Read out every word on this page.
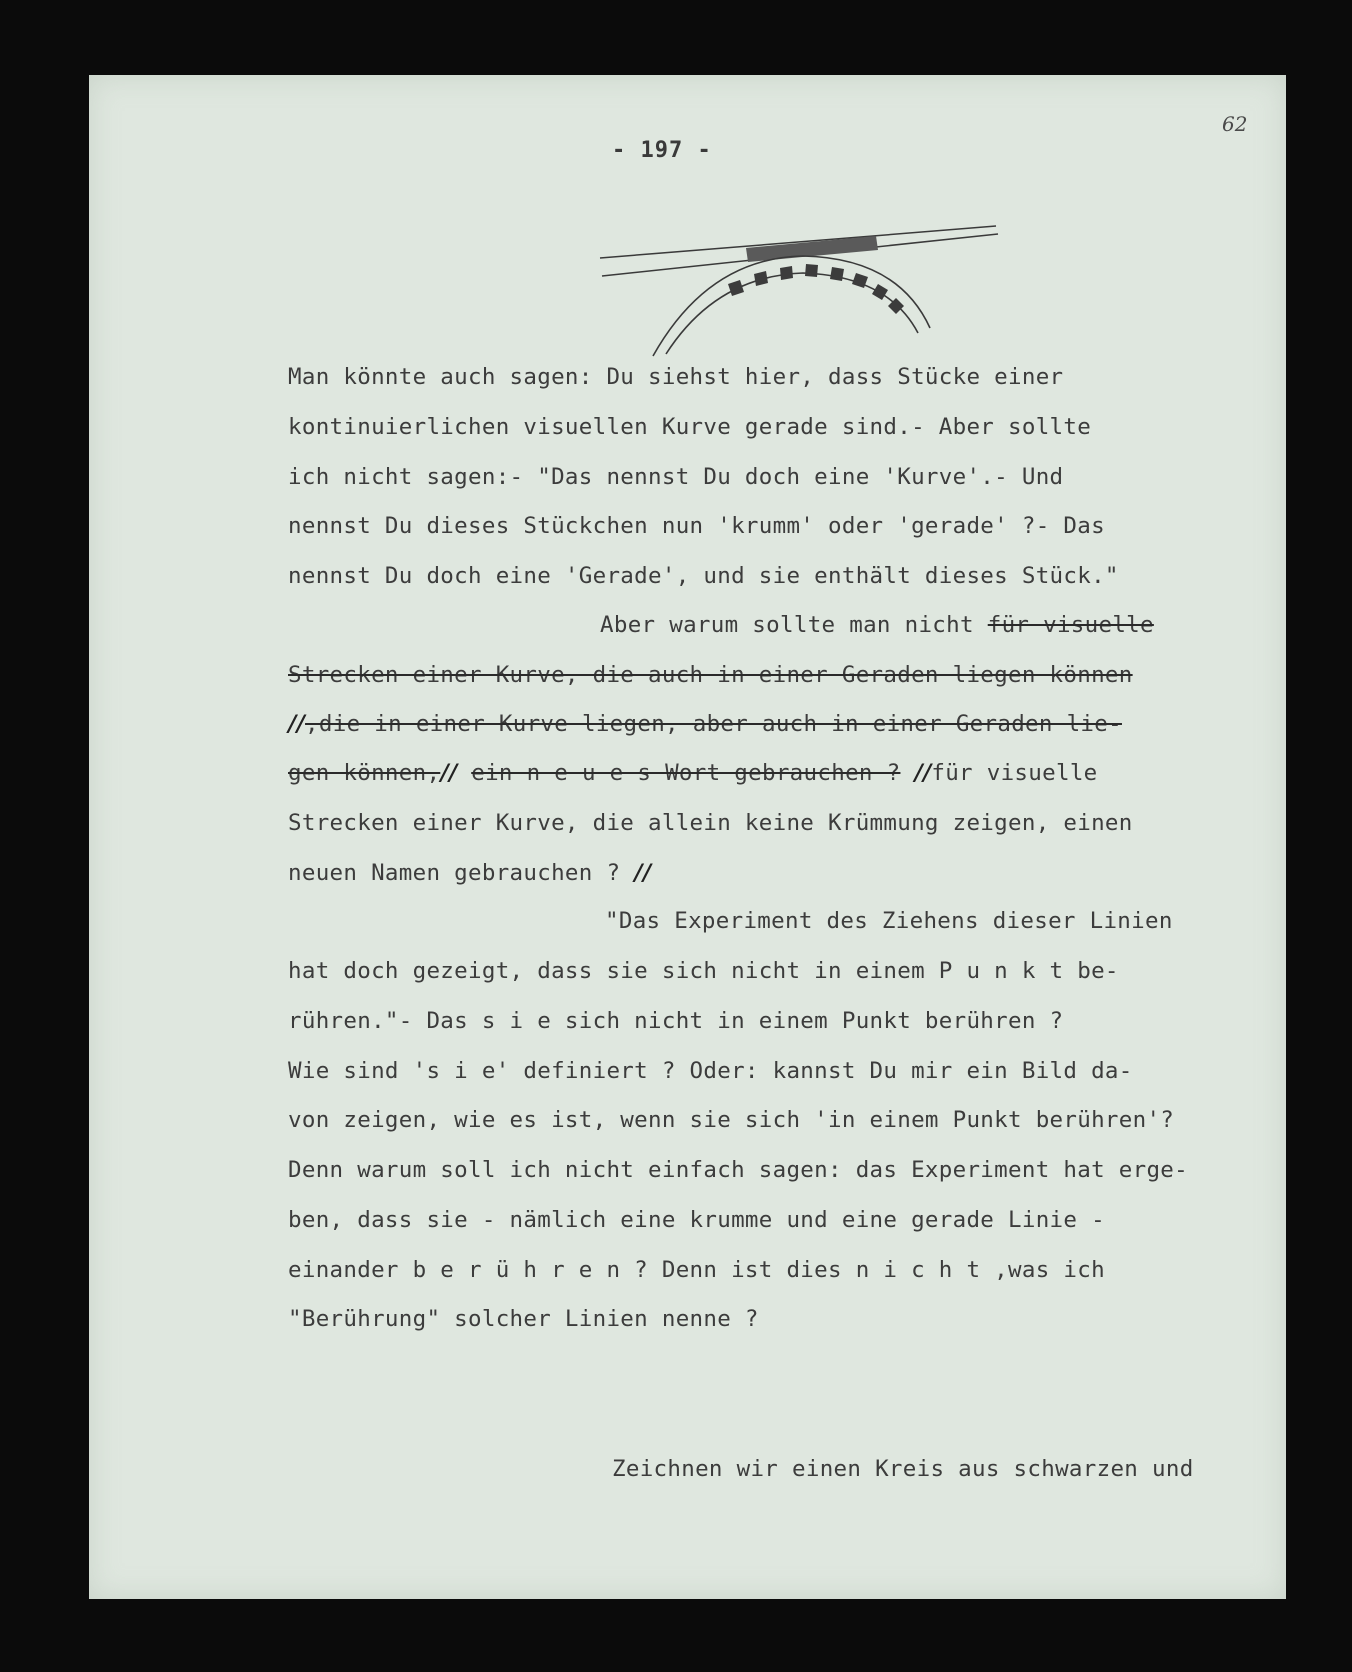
62
- 197 -
Man könnte auch sagen: Du siehst hier, dass Stücke einer
kontinuierlichen visuellen Kurve gerade sind.- Aber sollte
ich nicht sagen:- "Das nennst Du doch eine 'Kurve'.- Und
nennst Du dieses Stückchen nun 'krumm' oder 'gerade' ?- Das
nennst Du doch eine 'Gerade', und sie enthält dieses Stück."
Aber warum sollte man nicht für visuelle
Strecken einer Kurve, die auch in einer Geraden liegen können
//,die in einer Kurve liegen, aber auch in einer Geraden lie-
gen können,// ein n e u e s Wort gebrauchen ? //für visuelle
Strecken einer Kurve, die allein keine Krümmung zeigen, einen
neuen Namen gebrauchen ? //
"Das Experiment des Ziehens dieser Linien
hat doch gezeigt, dass sie sich nicht in einem P u n k t be-
rühren."- Das s i e sich nicht in einem Punkt berühren ?
Wie sind 's i e' definiert ? Oder: kannst Du mir ein Bild da-
von zeigen, wie es ist, wenn sie sich 'in einem Punkt berühren'?
Denn warum soll ich nicht einfach sagen: das Experiment hat erge-
ben, dass sie - nämlich eine krumme und eine gerade Linie -
einander b e r ü h r e n ? Denn ist dies n i c h t ,was ich
"Berührung" solcher Linien nenne ?
Zeichnen wir einen Kreis aus schwarzen und
